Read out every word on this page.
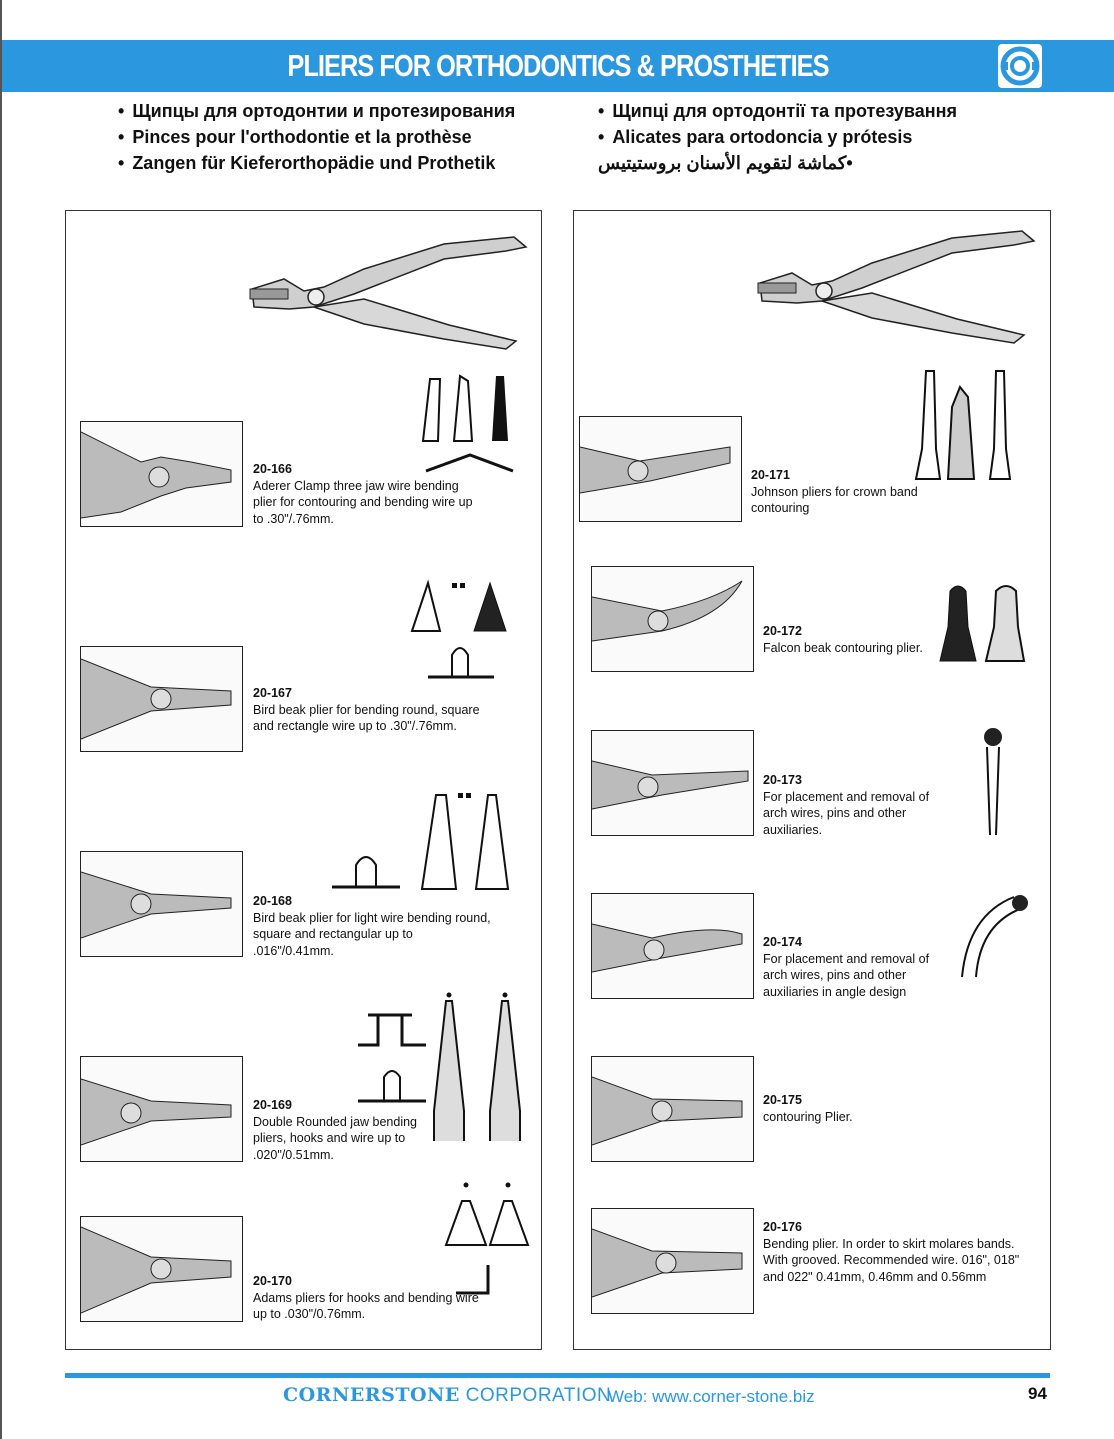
PLIERS FOR ORTHODONTICS & PROSTHETIES
• Щипцы для ортодонтии и протезирования
• Pinces pour l'orthodontie et la prothèse
• Zangen für Kieferorthopädie und Prothetik
• Щипці для ортодонтії та протезування
• Alicates para ortodoncia y prótesis
• كماشة لتقويم الأسنان بروستيتيس
20-166
Aderer Clamp three jaw wire bending plier for contouring and bending wire up to .30"/.76mm.
20-167
Bird beak plier for bending round, square and rectangle wire up to .30"/.76mm.
20-168
Bird beak plier for light wire bending round, square and rectangular up to .016"/0.41mm.
20-169
Double Rounded jaw bending pliers, hooks and wire up to .020"/0.51mm.
20-170
Adams pliers for hooks and bending wire up to .030"/0.76mm.
20-171
Johnson pliers for crown band contouring
20-172
Falcon beak contouring plier.
20-173
For placement and removal of arch wires, pins and other auxiliaries.
20-174
For placement and removal of arch wires, pins and other auxiliaries in angle design
20-175
contouring Plier.
20-176
Bending plier. In order to skirt molares bands. With grooved. Recommended wire. 016", 018" and 022" 0.41mm, 0.46mm and 0.56mm
CORNERSTONE CORPORATION
Web: www.corner-stone.biz	94
